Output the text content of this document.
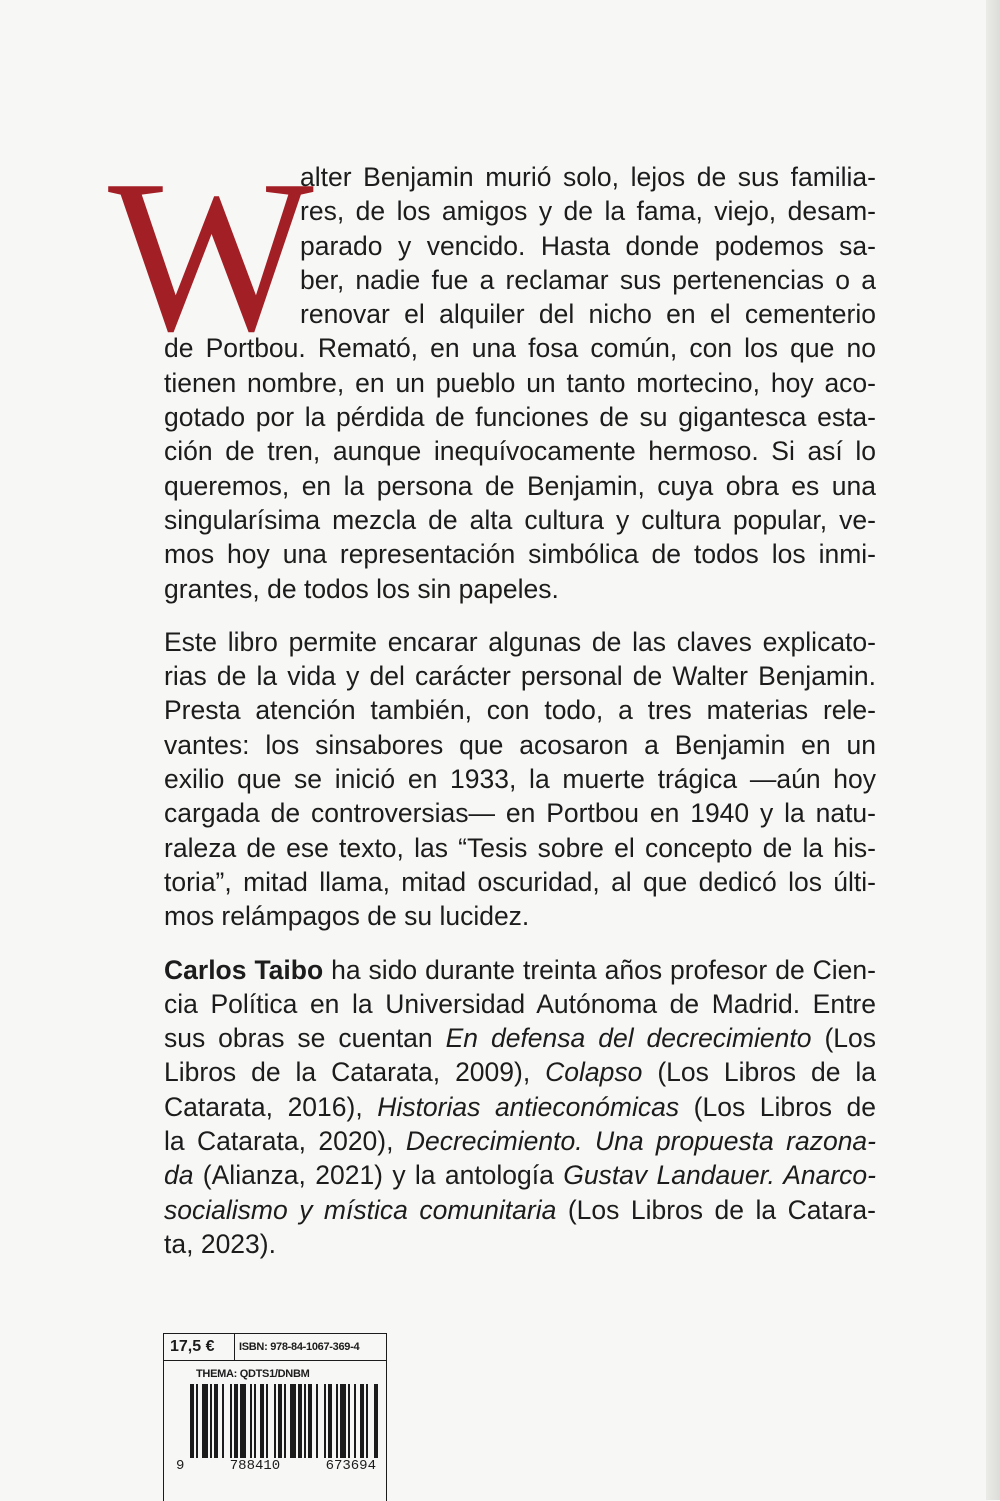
W
alter Benjamin murió solo, lejos de sus familia-
res, de los amigos y de la fama, viejo, desam-
parado y vencido. Hasta donde podemos sa-
ber, nadie fue a reclamar sus pertenencias o a
renovar el alquiler del nicho en el cementerio
de Portbou. Remató, en una fosa común, con los que no
tienen nombre, en un pueblo un tanto mortecino, hoy aco-
gotado por la pérdida de funciones de su gigantesca esta-
ción de tren, aunque inequívocamente hermoso. Si así lo
queremos, en la persona de Benjamin, cuya obra es una
singularísima mezcla de alta cultura y cultura popular, ve-
mos hoy una representación simbólica de todos los inmi-
grantes, de todos los sin papeles.
Este libro permite encarar algunas de las claves explicato-
rias de la vida y del carácter personal de Walter Benjamin.
Presta atención también, con todo, a tres materias rele-
vantes: los sinsabores que acosaron a Benjamin en un
exilio que se inició en 1933, la muerte trágica —aún hoy
cargada de controversias— en Portbou en 1940 y la natu-
raleza de ese texto, las “Tesis sobre el concepto de la his-
toria”, mitad llama, mitad oscuridad, al que dedicó los últi-
mos relámpagos de su lucidez.
Carlos Taibo ha sido durante treinta años profesor de Cien-
cia Política en la Universidad Autónoma de Madrid. Entre
sus obras se cuentan En defensa del decrecimiento (Los
Libros de la Catarata, 2009), Colapso (Los Libros de la
Catarata, 2016), Historias antieconómicas (Los Libros de
la Catarata, 2020), Decrecimiento. Una propuesta razona-
da (Alianza, 2021) y la antología Gustav Landauer. Anarco-
socialismo y mística comunitaria (Los Libros de la Catara-
ta, 2023).
17,5 €	ISBN: 978-84-1067-369-4
THEMA: QDTS1/DNBM
9	788410	673694
